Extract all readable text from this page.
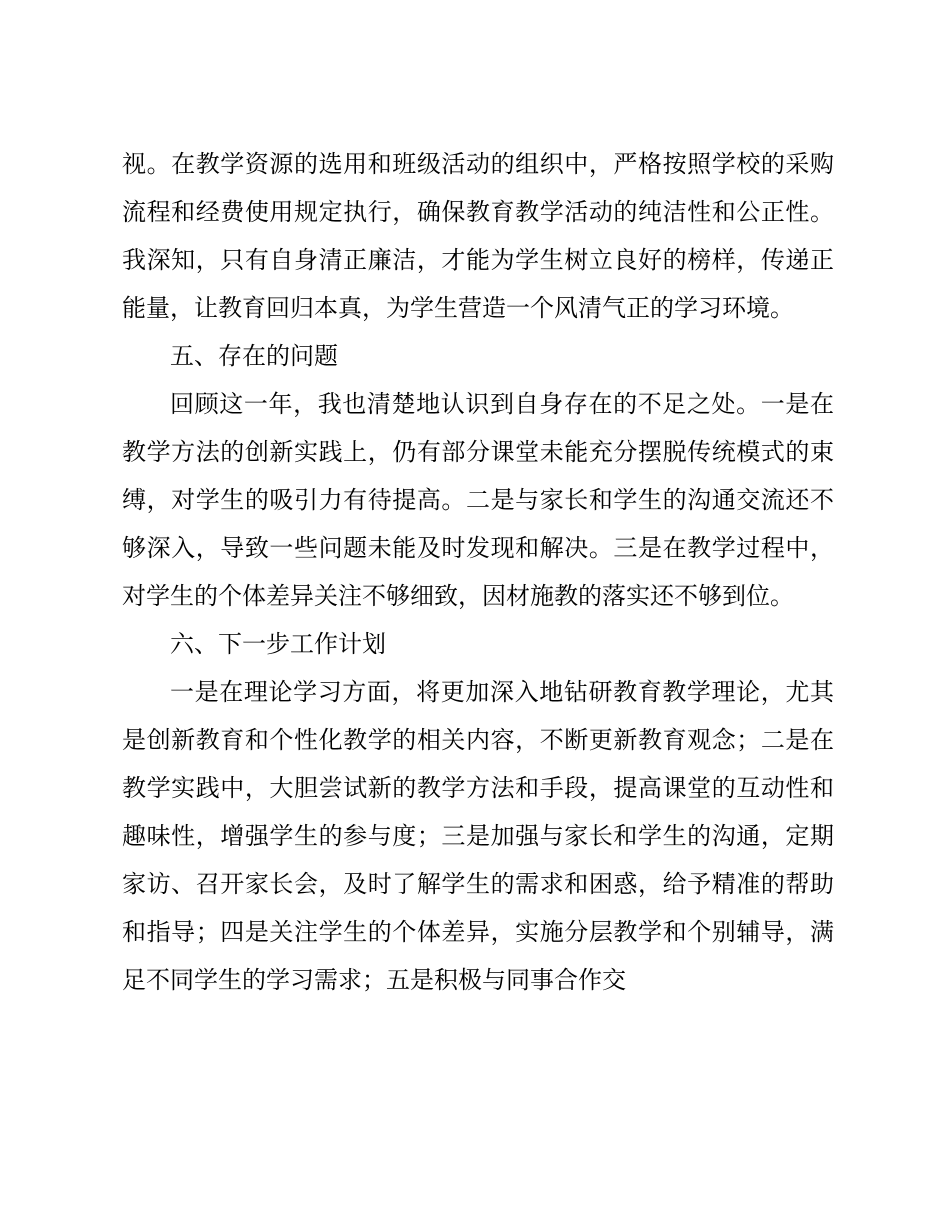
视。在教学资源的选用和班级活动的组织中，严格按照学校的采购流程和经费使用规定执行，确保教育教学活动的纯洁性和公正性。我深知，只有自身清正廉洁，才能为学生树立良好的榜样，传递正能量，让教育回归本真，为学生营造一个风清气正的学习环境。

五、存在的问题

回顾这一年，我也清楚地认识到自身存在的不足之处。一是在教学方法的创新实践上，仍有部分课堂未能充分摆脱传统模式的束缚，对学生的吸引力有待提高。二是与家长和学生的沟通交流还不够深入，导致一些问题未能及时发现和解决。三是在教学过程中，对学生的个体差异关注不够细致，因材施教的落实还不够到位。

六、下一步工作计划

一是在理论学习方面，将更加深入地钻研教育教学理论，尤其是创新教育和个性化教学的相关内容，不断更新教育观念；二是在教学实践中，大胆尝试新的教学方法和手段，提高课堂的互动性和趣味性，增强学生的参与度；三是加强与家长和学生的沟通，定期家访、召开家长会，及时了解学生的需求和困惑，给予精准的帮助和指导；四是关注学生的个体差异，实施分层教学和个别辅导，满足不同学生的学习需求；五是积极与同事合作交
